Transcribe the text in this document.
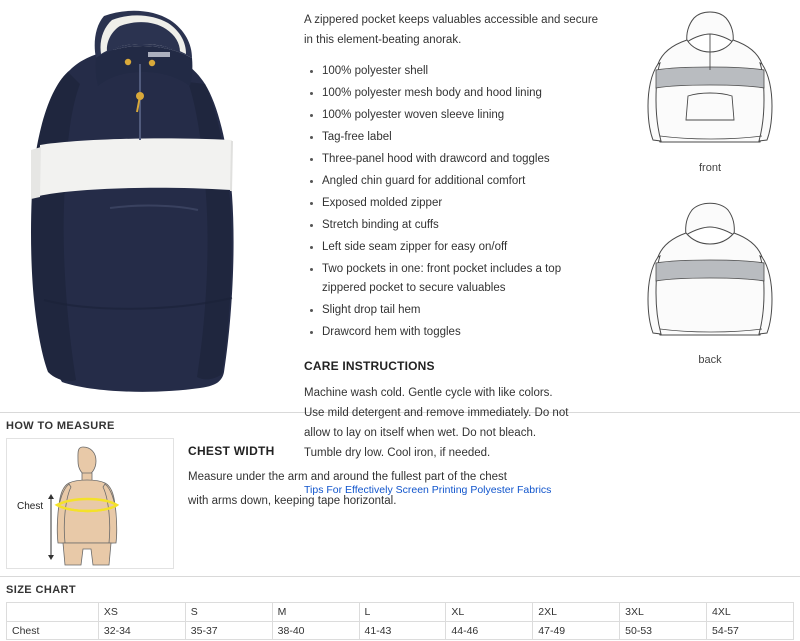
A zippered pocket keeps valuables accessible and secure in this element-beating anorak.

100% polyester shell
100% polyester mesh body and hood lining
100% polyester woven sleeve lining
Tag-free label
Three-panel hood with drawcord and toggles
Angled chin guard for additional comfort
Exposed molded zipper
Stretch binding at cuffs
Left side seam zipper for easy on/off
Two pockets in one: front pocket includes a top zippered pocket to secure valuables
Slight drop tail hem
Drawcord hem with toggles
CARE INSTRUCTIONS

Machine wash cold. Gentle cycle with like colors. Use mild detergent and remove immediately. Do not allow to lay on itself when wet. Do not bleach. Tumble dry low. Cool iron, if needed.

Tips For Effectively Screen Printing Polyester Fabrics
front
back
HOW TO MEASURE
Chest
CHEST WIDTH

Measure under the arm and around the fullest part of the chest

with arms down, keeping tape horizontal.

SIZE CHART
	XS	S	M	L	XL	2XL	3XL	4XL
Chest	32-34	35-37	38-40	41-43	44-46	47-49	50-53	54-57
